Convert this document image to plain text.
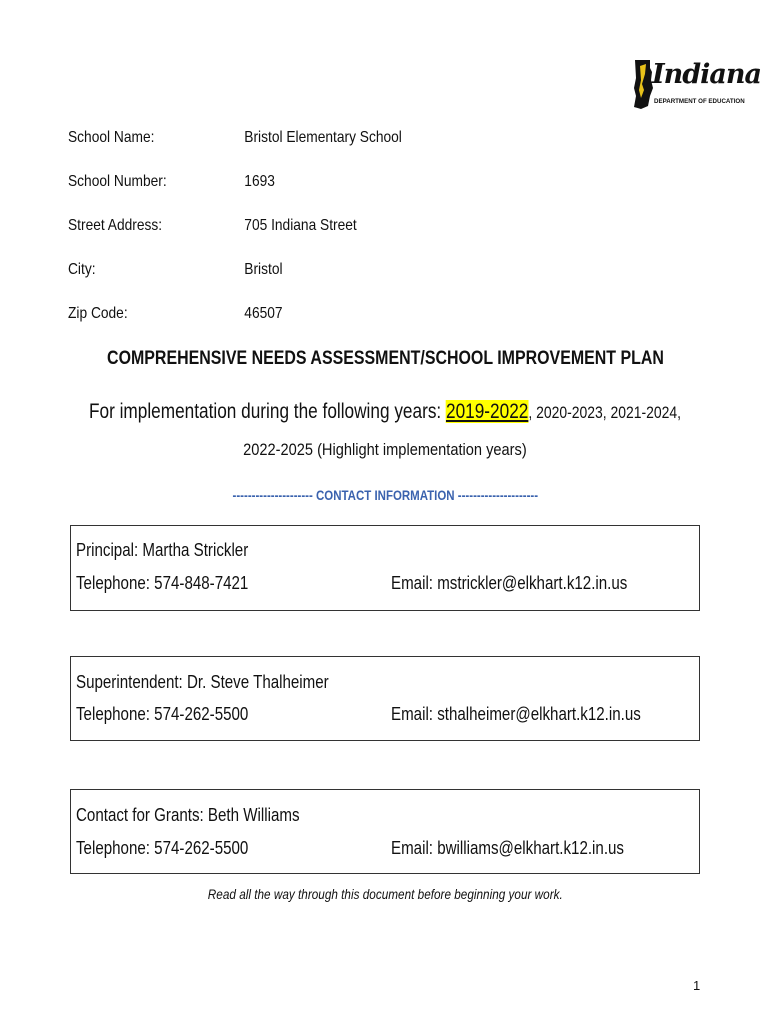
Indiana
DEPARTMENT OF EDUCATION
School Name:	Bristol Elementary School
School Number:	1693
Street Address:	705 Indiana Street
City:	Bristol
Zip Code:	46507
COMPREHENSIVE NEEDS ASSESSMENT/SCHOOL IMPROVEMENT PLAN
For implementation during the following years: 2019-2022, 2020-2023, 2021-2024,
2022-2025 (Highlight implementation years)
--------------------- CONTACT INFORMATION ---------------------
Principal: Martha Strickler
Telephone: 574-848-7421	Email: mstrickler@elkhart.k12.in.us
Superintendent: Dr. Steve Thalheimer
Telephone: 574-262-5500	Email: sthalheimer@elkhart.k12.in.us
Contact for Grants: Beth Williams
Telephone: 574-262-5500	Email: bwilliams@elkhart.k12.in.us
Read all the way through this document before beginning your work.
1
